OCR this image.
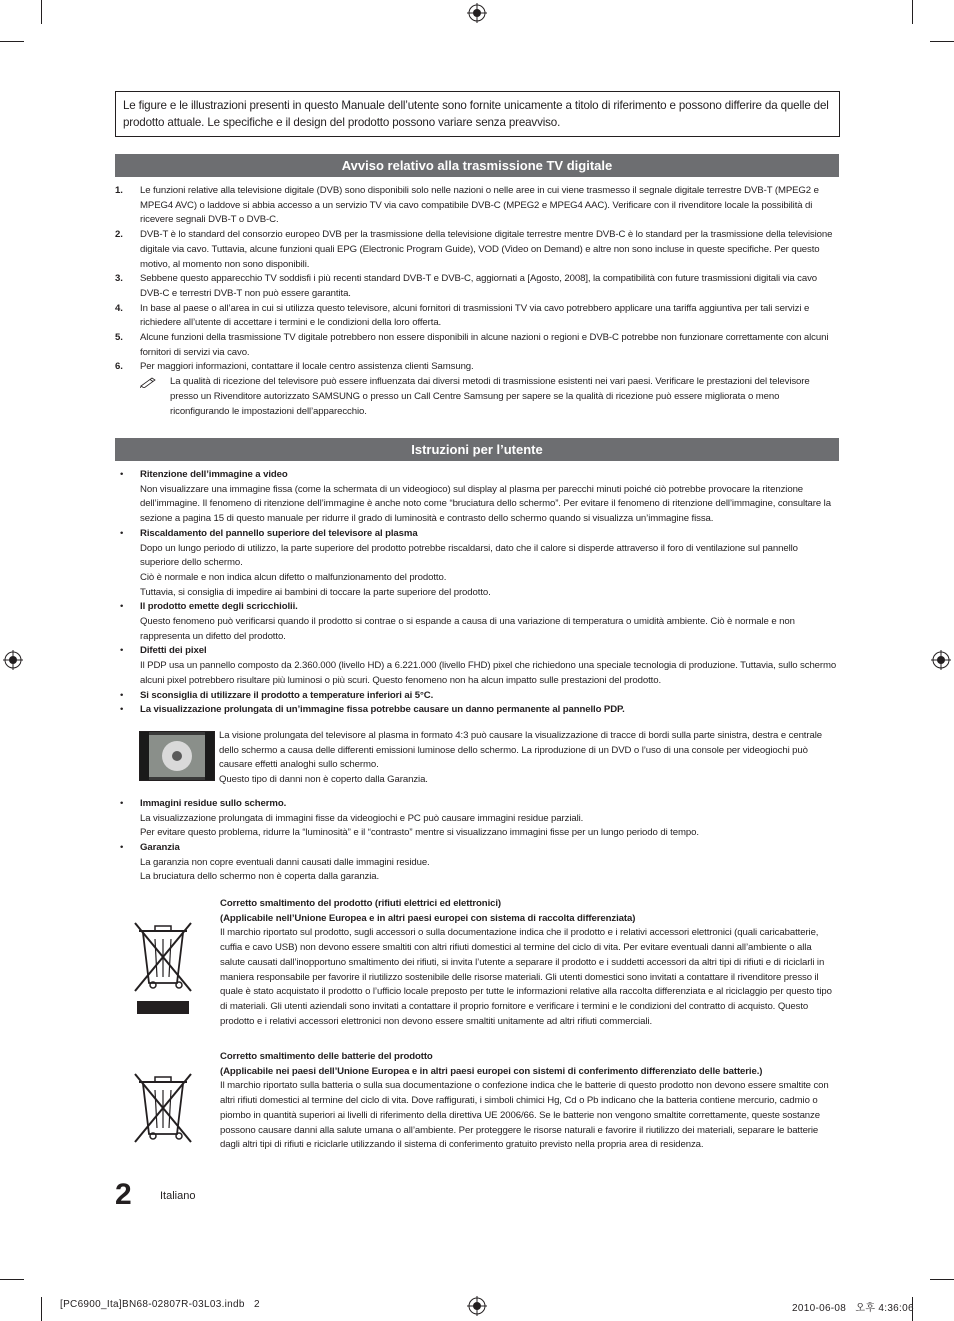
Le figure e le illustrazioni presenti in questo Manuale dell’utente sono fornite unicamente a titolo di riferimento e possono differire da quelle del prodotto attuale. Le specifiche e il design del prodotto possono variare senza preavviso.
Avviso relativo alla trasmissione TV digitale
1. Le funzioni relative alla televisione digitale (DVB) sono disponibili solo nelle nazioni o nelle aree in cui viene trasmesso il segnale digitale terrestre DVB-T (MPEG2 e MPEG4 AVC) o laddove si abbia accesso a un servizio TV via cavo compatibile DVB-C (MPEG2 e MPEG4 AAC). Verificare con il rivenditore locale la possibilità di ricevere segnali DVB-T o DVB-C.
2. DVB-T è lo standard del consorzio europeo DVB per la trasmissione della televisione digitale terrestre mentre DVB-C è lo standard per la trasmissione della televisione digitale via cavo. Tuttavia, alcune funzioni quali EPG (Electronic Program Guide), VOD (Video on Demand) e altre non sono incluse in queste specifiche. Per questo motivo, al momento non sono disponibili.
3. Sebbene questo apparecchio TV soddisfi i più recenti standard DVB-T e DVB-C, aggiornati a [Agosto, 2008], la compatibilità con future trasmissioni digitali via cavo DVB-C e terrestri DVB-T non può essere garantita.
4. In base al paese o all’area in cui si utilizza questo televisore, alcuni fornitori di trasmissioni TV via cavo potrebbero applicare una tariffa aggiuntiva per tali servizi e richiedere all’utente di accettare i termini e le condizioni della loro offerta.
5. Alcune funzioni della trasmissione TV digitale potrebbero non essere disponibili in alcune nazioni o regioni e DVB-C potrebbe non funzionare correttamente con alcuni fornitori di servizi via cavo.
6. Per maggiori informazioni, contattare il locale centro assistenza clienti Samsung.
La qualità di ricezione del televisore può essere influenzata dai diversi metodi di trasmissione esistenti nei vari paesi. Verificare le prestazioni del televisore presso un Rivenditore autorizzato SAMSUNG o presso un Call Centre Samsung per sapere se la qualità di ricezione può essere migliorata o meno riconfigurando le impostazioni dell’apparecchio.
Istruzioni per l’utente
• Ritenzione dell’immagine a video
Non visualizzare una immagine fissa (come la schermata di un videogioco) sul display al plasma per parecchi minuti poiché ciò potrebbe provocare la ritenzione dell’immagine. Il fenomeno di ritenzione dell’immagine è anche noto come “bruciatura dello schermo”. Per evitare il fenomeno di ritenzione dell’immagine, consultare la sezione a pagina 15 di questo manuale per ridurre il grado di luminosità e contrasto dello schermo quando si visualizza un’immagine fissa.
• Riscaldamento del pannello superiore del televisore al plasma
Dopo un lungo periodo di utilizzo, la parte superiore del prodotto potrebbe riscaldarsi, dato che il calore si disperde attraverso il foro di ventilazione sul pannello superiore dello schermo.
Ciò è normale e non indica alcun difetto o malfunzionamento del prodotto.
Tuttavia, si consiglia di impedire ai bambini di toccare la parte superiore del prodotto.
• Il prodotto emette degli scricchiolii.
Questo fenomeno può verificarsi quando il prodotto si contrae o si espande a causa di una variazione di temperatura o umidità ambiente. Ciò è normale e non rappresenta un difetto del prodotto.
• Difetti dei pixel
Il PDP usa un pannello composto da 2.360.000 (livello HD) a 6.221.000 (livello FHD) pixel che richiedono una speciale tecnologia di produzione. Tuttavia, sullo schermo alcuni pixel potrebbero risultare più luminosi o più scuri. Questo fenomeno non ha alcun impatto sulle prestazioni del prodotto.
• Si sconsiglia di utilizzare il prodotto a temperature inferiori ai 5°C.
• La visualizzazione prolungata di un’immagine fissa potrebbe causare un danno permanente al pannello PDP.
La visione prolungata del televisore al plasma in formato 4:3 può causare la visualizzazione di tracce di bordi sulla parte sinistra, destra e centrale dello schermo a causa delle differenti emissioni luminose dello schermo. La riproduzione di un DVD o l’uso di una console per videogiochi può causare effetti analoghi sullo schermo.
Questo tipo di danni non è coperto dalla Garanzia.
• Immagini residue sullo schermo.
La visualizzazione prolungata di immagini fisse da videogiochi e PC può causare immagini residue parziali.
Per evitare questo problema, ridurre la “luminosità” e il “contrasto” mentre si visualizzano immagini fisse per un lungo periodo di tempo.
• Garanzia
La garanzia non copre eventuali danni causati dalle immagini residue.
La bruciatura dello schermo non è coperta dalla garanzia.
Corretto smaltimento del prodotto (rifiuti elettrici ed elettronici)
(Applicabile nell’Unione Europea e in altri paesi europei con sistema di raccolta differenziata)
Il marchio riportato sul prodotto, sugli accessori o sulla documentazione indica che il prodotto e i relativi accessori elettronici (quali caricabatterie, cuffia e cavo USB) non devono essere smaltiti con altri rifiuti domestici al termine del ciclo di vita. Per evitare eventuali danni all’ambiente o alla salute causati dall’inopportuno smaltimento dei rifiuti, si invita l’utente a separare il prodotto e i suddetti accessori da altri tipi di rifiuti e di riciclarli in maniera responsabile per favorire il riutilizzo sostenibile delle risorse materiali. Gli utenti domestici sono invitati a contattare il rivenditore presso il quale è stato acquistato il prodotto o l’ufficio locale preposto per tutte le informazioni relative alla raccolta differenziata e al riciclaggio per questo tipo di materiali. Gli utenti aziendali sono invitati a contattare il proprio fornitore e verificare i termini e le condizioni del contratto di acquisto. Questo prodotto e i relativi accessori elettronici non devono essere smaltiti unitamente ad altri rifiuti commerciali.
Corretto smaltimento delle batterie del prodotto
(Applicabile nei paesi dell’Unione Europea e in altri paesi europei con sistemi di conferimento differenziato delle batterie.)
Il marchio riportato sulla batteria o sulla sua documentazione o confezione indica che le batterie di questo prodotto non devono essere smaltite con altri rifiuti domestici al termine del ciclo di vita. Dove raffigurati, i simboli chimici Hg, Cd o Pb indicano che la batteria contiene mercurio, cadmio o piombo in quantità superiori ai livelli di riferimento della direttiva UE 2006/66. Se le batterie non vengono smaltite correttamente, queste sostanze possono causare danni alla salute umana o all’ambiente. Per proteggere le risorse naturali e favorire il riutilizzo dei materiali, separare le batterie dagli altri tipi di rifiuti e riciclarle utilizzando il sistema di conferimento gratuito previsto nella propria area di residenza.
2	Italiano
[PC6900_Ita]BN68-02807R-03L03.indb   2	2010-06-08   오후 4:36:06
